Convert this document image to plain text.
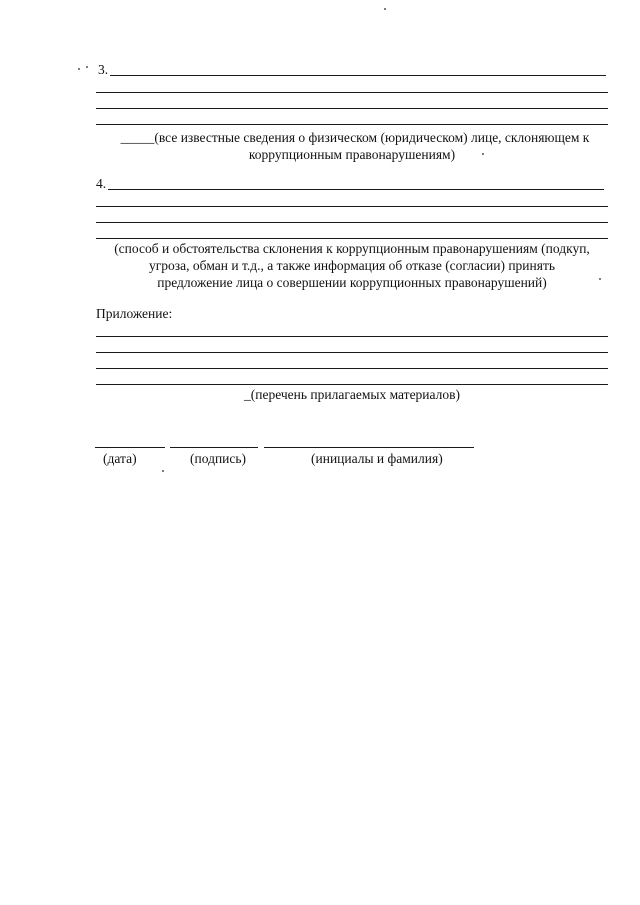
3.
_____(все известные сведения о физическом (юридическом) лице, склоняющем к
коррупционным правонарушениям)
4.
(способ и обстоятельства склонения к коррупционным правонарушениям (подкуп,
угроза, обман и т.д., а также информация об отказе (согласии) принять
предложение лица о совершении коррупционных правонарушений)
Приложение:
_(перечень прилагаемых материалов)
(дата)	(подпись)	(инициалы и фамилия)
